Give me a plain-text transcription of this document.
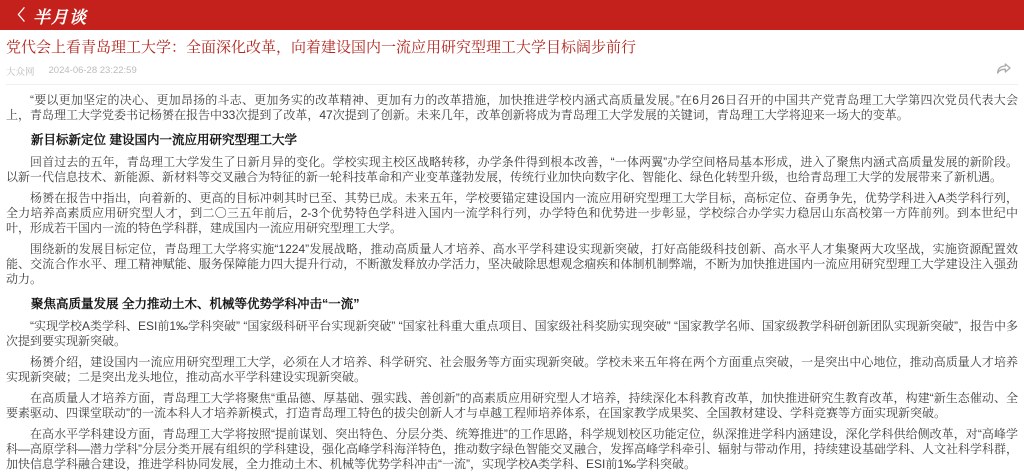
〈 半月谈
党代会上看青岛理工大学：全面深化改革，向着建设国内一流应用研究型理工大学目标阔步前行
大众网 2024-06-28 23:22:59

“要以更加坚定的决心、更加昂扬的斗志、更加务实的改革精神、更加有力的改革措施，加快推进学校内涵式高质量发展。”在6月26日召开的中国共产党青岛理工大学第四次党员代表大会上，青岛理工大学党委书记杨赟在报告中33次提到了改革，47次提到了创新。未来几年，改革创新将成为青岛理工大学发展的关键词，青岛理工大学将迎来一场大的变革。

新目标新定位 建设国内一流应用研究型理工大学

回首过去的五年，青岛理工大学发生了日新月异的变化。学校实现主校区战略转移，办学条件得到根本改善，“一体两翼”办学空间格局基本形成，进入了聚焦内涵式高质量发展的新阶段。以新一代信息技术、新能源、新材料等交叉融合为特征的新一轮科技革命和产业变革蓬勃发展，传统行业加快向数字化、智能化、绿色化转型升级，也给青岛理工大学的发展带来了新机遇。

杨赟在报告中指出，向着新的、更高的目标冲刺其时已至、其势已成。未来五年，学校要锚定建设国内一流应用研究型理工大学目标，高标定位、奋勇争先，优势学科进入A类学科行列，全力培养高素质应用研究型人才，到二〇三五年前后，2-3个优势特色学科进入国内一流学科行列，办学特色和优势进一步彰显，学校综合办学实力稳居山东高校第一方阵前列。到本世纪中叶，形成若干国内一流的特色学科群，建成国内一流应用研究型理工大学。

围绕新的发展目标定位，青岛理工大学将实施“1224”发展战略，推动高质量人才培养、高水平学科建设实现新突破，打好高能级科技创新、高水平人才集聚两大攻坚战，实施资源配置效能、交流合作水平、理工精神赋能、服务保障能力四大提升行动，不断激发释放办学活力，坚决破除思想观念痼疾和体制机制弊端，不断为加快推进国内一流应用研究型理工大学建设注入强劲动力。

聚焦高质量发展 全力推动土木、机械等优势学科冲击“一流”

“实现学校A类学科、ESI前1‰学科突破” “国家级科研平台实现新突破” “国家社科重大重点项目、国家级社科奖励实现突破” “国家教学名师、国家级教学科研创新团队实现新突破”，报告中多次提到要实现新突破。

杨赟介绍，建设国内一流应用研究型理工大学，必须在人才培养、科学研究、社会服务等方面实现新突破。学校未来五年将在两个方面重点突破，一是突出中心地位，推动高质量人才培养实现新突破；二是突出龙头地位，推动高水平学科建设实现新突破。

在高质量人才培养方面，青岛理工大学将聚焦“重品德、厚基础、强实践、善创新”的高素质应用研究型人才培养，持续深化本科教育改革，加快推进研究生教育改革，构建“新生态催动、全要素驱动、四课堂联动”的一流本科人才培养新模式，打造青岛理工特色的拔尖创新人才与卓越工程师培养体系，在国家教学成果奖、全国教材建设、学科竞赛等方面实现新突破。

在高水平学科建设方面，青岛理工大学将按照“提前谋划、突出特色、分层分类、统筹推进”的工作思路，科学规划校区功能定位，纵深推进学科内涵建设，深化学科供给侧改革，对“高峰学科—高原学科—潜力学科”分层分类开展有组织的学科建设，强化高峰学科海洋特色，推动数字绿色智能交叉融合，发挥高峰学科牵引、辐射与带动作用，持续建设基础学科、人文社科学科群，加快信息学科融合建设，推进学科协同发展，全力推动土木、机械等优势学科冲击“一流”，实现学校A类学科、ESI前1‰学科突破。
